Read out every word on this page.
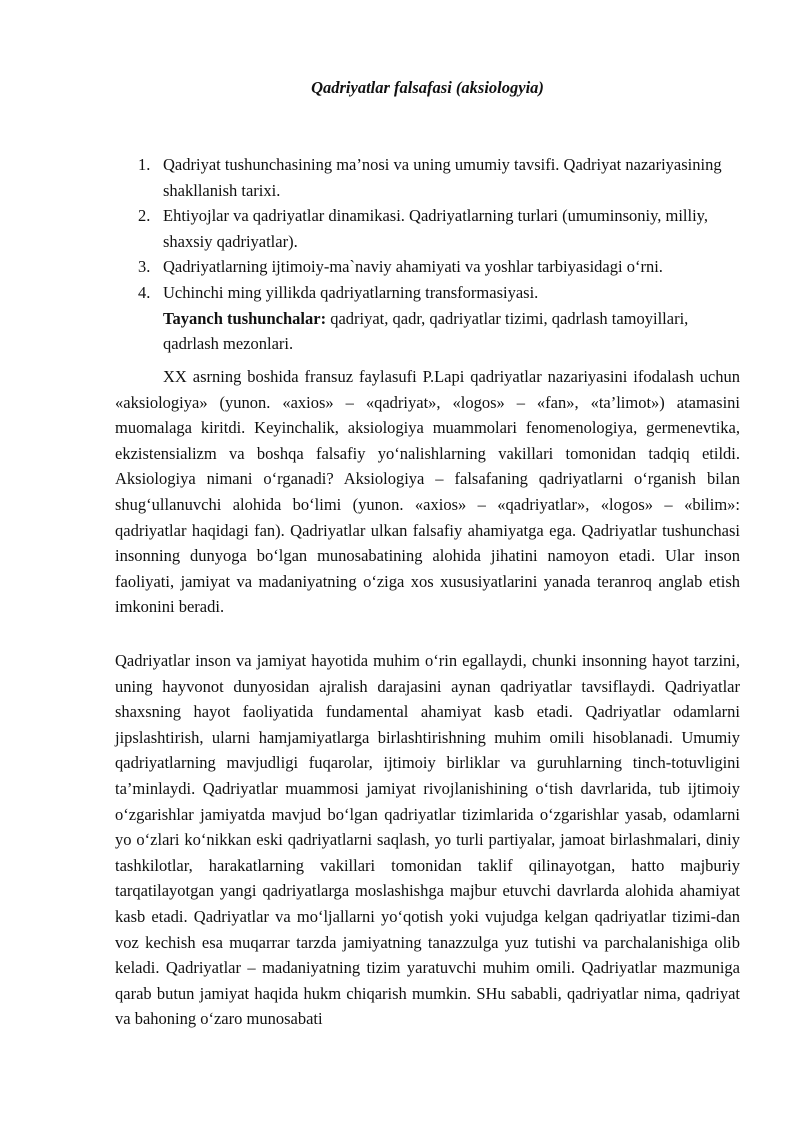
Qadriyatlar falsafasi (aksiologyia)
1. Qadriyat tushunchasining ma’nosi va uning umumiy tavsifi. Qadriyat nazariyasining shakllanish tarixi.
2. Ehtiyojlar va qadriyatlar dinamikasi. Qadriyatlarning turlari (umuminsoniy, milliy, shaxsiy qadriyatlar).
3. Qadriyatlarning ijtimoiy-ma`naviy ahamiyati va yoshlar tarbiyasidagi o‘rni.
4. Uchinchi ming yillikda qadriyatlarning transformasiyasi.
Tayanch tushunchalar: qadriyat, qadr, qadriyatlar tizimi, qadrlash tamoyillari, qadrlash mezonlari.

XX asrning boshida fransuz faylasufi P.Lapi qadriyatlar nazariyasini ifodalash uchun «aksiologiya» (yunon. «axios» – «qadriyat», «logos» – «fan», «ta’limot») atamasini muomalaga kiritdi. Keyinchalik, aksiologiya muammolari fenomenologiya, germenevtika, ekzistensializm va boshqa falsafiy yo‘nalishlarning vakillari tomonidan tadqiq etildi. Aksiologiya nimani o‘rganadi? Aksiologiya – falsafaning qadriyatlarni o‘rganish bilan shug‘ullanuvchi alohida bo‘limi (yunon. «axios» – «qadriyatlar», «logos» – «bilim»: qadriyatlar haqidagi fan). Qadriyatlar ulkan falsafiy ahamiyatga ega. Qadriyatlar tushunchasi insonning dunyoga bo‘lgan munosabatining alohida jihatini namoyon etadi. Ular inson faoliyati, jamiyat va madaniyatning o‘ziga xos xususiyatlarini yanada teranroq anglab etish imkonini beradi.

Qadriyatlar inson va jamiyat hayotida muhim o‘rin egallaydi, chunki insonning hayot tarzini, uning hayvonot dunyosidan ajralish darajasini aynan qadriyatlar tavsiflaydi. Qadriyatlar shaxsning hayot faoliyatida fundamental ahamiyat kasb etadi. Qadriyatlar odamlarni jipslashtirish, ularni hamjamiyatlarga birlashtirishning muhim omili hisoblanadi. Umumiy qadriyatlarning mavjudligi fuqarolar, ijtimoiy birliklar va guruhlarning tinch-totuvligini ta’minlaydi. Qadriyatlar muammosi jamiyat rivojlanishining o‘tish davrlarida, tub ijtimoiy o‘zgarishlar jamiyatda mavjud bo‘lgan qadriyatlar tizimlarida o‘zgarishlar yasab, odamlarni yo o‘zlari ko‘nikkan eski qadriyatlarni saqlash, yo turli partiyalar, jamoat birlashmalari, diniy tashkilotlar, harakatlarning vakillari tomonidan taklif qilinayotgan, hatto majburiy tarqatilayotgan yangi qadriyatlarga moslashishga majbur etuvchi davrlarda alohida ahamiyat kasb etadi. Qadriyatlar va mo‘ljallarni yo‘qotish yoki vujudga kelgan qadriyatlar tizimi-dan voz kechish esa muqarrar tarzda jamiyatning tanazzulga yuz tutishi va parchalanishiga olib keladi. Qadriyatlar – madaniyatning tizim yaratuvchi muhim omili. Qadriyatlar mazmuniga qarab butun jamiyat haqida hukm chiqarish mumkin. SHu sababli, qadriyatlar nima, qadriyat va bahoning o‘zaro munosabati
